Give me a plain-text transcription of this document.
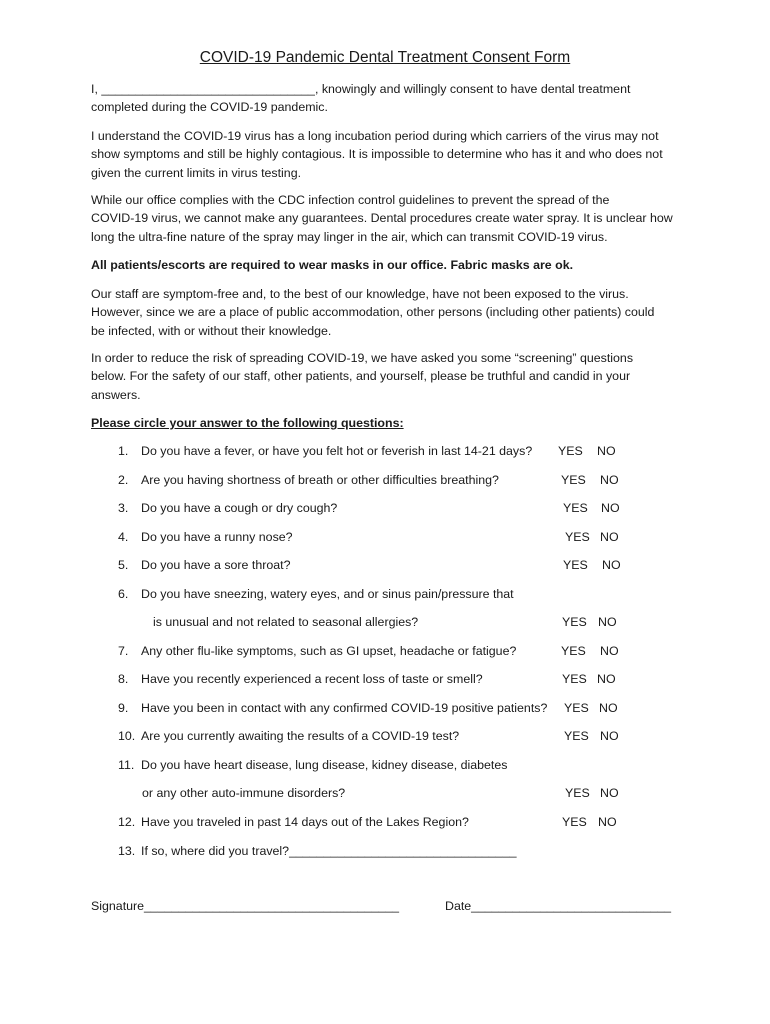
COVID-19 Pandemic Dental Treatment Consent Form

I, _______________________________, knowingly and willingly consent to have dental treatment
completed during the COVID-19 pandemic.

I understand the COVID-19 virus has a long incubation period during which carriers of the virus may not
show symptoms and still be highly contagious. It is impossible to determine who has it and who does not
given the current limits in virus testing.

While our office complies with the CDC infection control guidelines to prevent the spread of the
COVID-19 virus, we cannot make any guarantees. Dental procedures create water spray. It is unclear how
long the ultra-fine nature of the spray may linger in the air, which can transmit COVID-19 virus.

All patients/escorts are required to wear masks in our office. Fabric masks are ok.

Our staff are symptom-free and, to the best of our knowledge, have not been exposed to the virus.
However, since we are a place of public accommodation, other persons (including other patients) could
be infected, with or without their knowledge.

In order to reduce the risk of spreading COVID-19, we have asked you some “screening” questions
below. For the safety of our staff, other patients, and yourself, please be truthful and candid in your
answers.

Please circle your answer to the following questions:

1. Do you have a fever, or have you felt hot or feverish in last 14-21 days? YES NO
2. Are you having shortness of breath or other difficulties breathing?	YES NO
3. Do you have a cough or dry cough?	YES NO
4. Do you have a runny nose?	YES NO
5. Do you have a sore throat?	YES NO
6. Do you have sneezing, watery eyes, and or sinus pain/pressure that
is unusual and not related to seasonal allergies?	YES NO
7. Any other flu-like symptoms, such as GI upset, headache or fatigue?	YES NO
8. Have you recently experienced a recent loss of taste or smell?	YES NO
9. Have you been in contact with any confirmed COVID-19 positive patients? YES NO
10. Are you currently awaiting the results of a COVID-19 test?	YES NO
11. Do you have heart disease, lung disease, kidney disease, diabetes
or any other auto-immune disorders?	YES NO
12. Have you traveled in past 14 days out of the Lakes Region?	YES NO
13. If so, where did you travel?_________________________________
Signature_____________________________________	Date_____________________________
